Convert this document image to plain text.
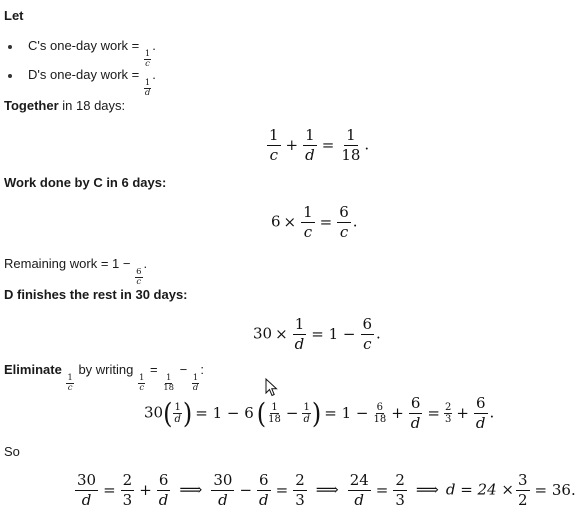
Let
C's one-day work =
$\frac{1}{c}$
.
D's one-day work =
$\frac{1}{d}$
.
Together in 18 days:
$\frac{1}{c} + \frac{1}{d} = \frac{1}{18}$ .
Work done by C in 6 days:
$6 \times \frac{1}{c} = \frac{6}{c}$ .
Remaining work = 1 −
$\frac{6}{c}$
.
D finishes the rest in 30 days:
$30 \times \frac{1}{d} = 1 - \frac{6}{c}$ .
Eliminate
$\frac{1}{c}$
by writing
$\frac{1}{c}$
=
$\frac{1}{18}$
−
$\frac{1}{d}$
:
$30( \frac{1}{d}$ ) = 1 − 6 ( $\frac{1}{18} - \frac{1}{d}$ ) = $1 - \frac{6}{18} + \frac{6}{d} = \frac{2}{3} + \frac{6}{d}$ .
So
$\frac{30}{d} = \frac{2}{3} + \frac{6}{d}$ ⟹ $\frac{30}{d} - \frac{6}{d} = \frac{2}{3}$ ⟹ $\frac{24}{d} = \frac{2}{3}$ ⟹ $d = 24 \times \frac{3}{2} = 36$.
